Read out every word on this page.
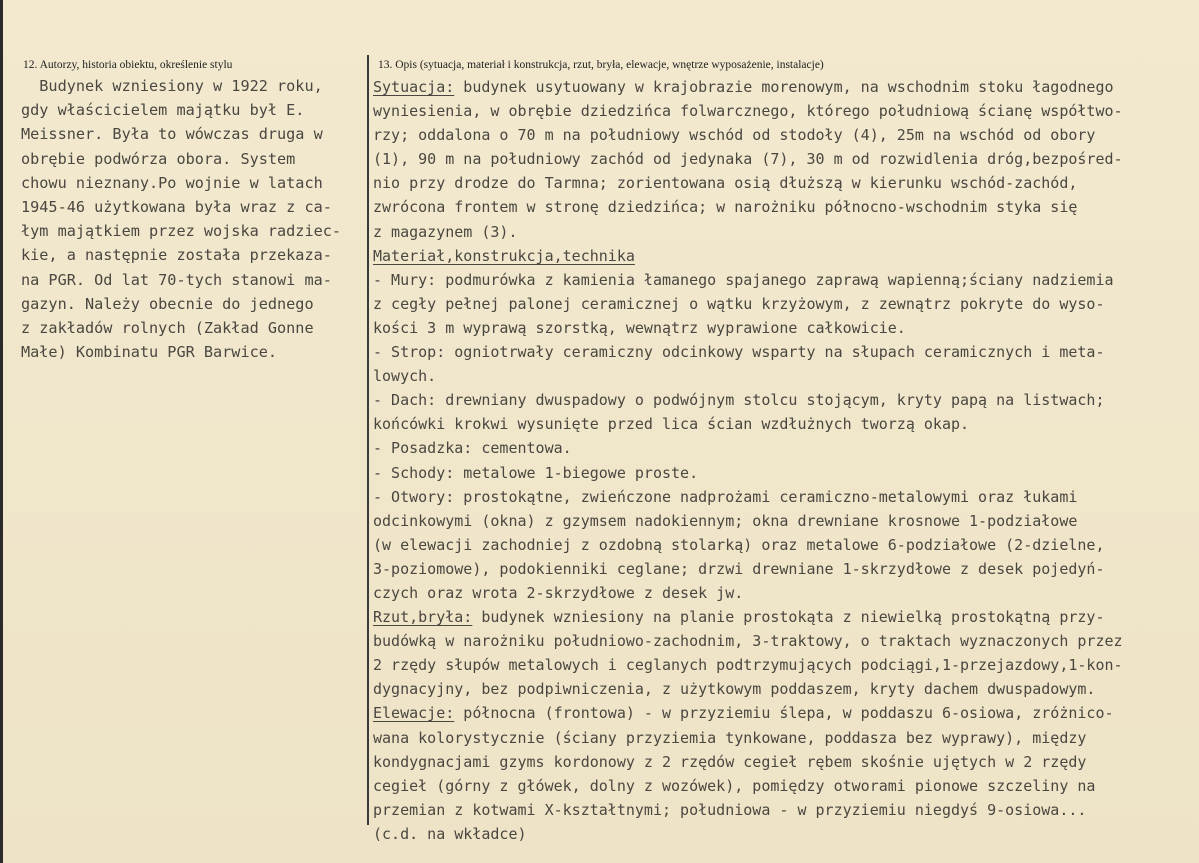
12. Autorzy, historia obiektu, określenie stylu	13. Opis (sytuacja, materiał i konstrukcja, rzut, bryła, elewacje, wnętrze wyposażenie, instalacje)
Budynek wzniesiony w 1922 roku,
gdy właścicielem majątku był E.
Meissner. Była to wówczas druga w
obrębie podwórza obora. System
chowu nieznany.Po wojnie w latach
1945-46 użytkowana była wraz z ca-
łym majątkiem przez wojska radziec-
kie, a następnie została przekaza-
na PGR. Od lat 70-tych stanowi ma-
gazyn. Należy obecnie do jednego
z zakładów rolnych (Zakład Gonne
Małe) Kombinatu PGR Barwice.
Sytuacja: budynek usytuowany w krajobrazie morenowym, na wschodnim stoku łagodnego
wyniesienia, w obrębie dziedzińca folwarcznego, którego południową ścianę współtwo-
rzy; oddalona o 70 m na południowy wschód od stodoły (4), 25m na wschód od obory
(1), 90 m na południowy zachód od jedynaka (7), 30 m od rozwidlenia dróg,bezpośred-
nio przy drodze do Tarmna; zorientowana osią dłuższą w kierunku wschód-zachód,
zwrócona frontem w stronę dziedzińca; w narożniku północno-wschodnim styka się
z magazynem (3).
Materiał,konstrukcja,technika
- Mury: podmurówka z kamienia łamanego spajanego zaprawą wapienną;ściany nadziemia
z cegły pełnej palonej ceramicznej o wątku krzyżowym, z zewnątrz pokryte do wyso-
kości 3 m wyprawą szorstką, wewnątrz wyprawione całkowicie.
- Strop: ogniotrwały ceramiczny odcinkowy wsparty na słupach ceramicznych i meta-
lowych.
- Dach: drewniany dwuspadowy o podwójnym stolcu stojącym, kryty papą na listwach;
końcówki krokwi wysunięte przed lica ścian wzdłużnych tworzą okap.
- Posadzka: cementowa.
- Schody: metalowe 1-biegowe proste.
- Otwory: prostokątne, zwieńczone nadprożami ceramiczno-metalowymi oraz łukami
odcinkowymi (okna) z gzymsem nadokiennym; okna drewniane krosnowe 1-podziałowe
(w elewacji zachodniej z ozdobną stolarką) oraz metalowe 6-podziałowe (2-dzielne,
3-poziomowe), podokienniki ceglane; drzwi drewniane 1-skrzydłowe z desek pojedyń-
czych oraz wrota 2-skrzydłowe z desek jw.
Rzut,bryła: budynek wzniesiony na planie prostokąta z niewielką prostokątną przy-
budówką w narożniku południowo-zachodnim, 3-traktowy, o traktach wyznaczonych przez
2 rzędy słupów metalowych i ceglanych podtrzymujących podciągi,1-przejazdowy,1-kon-
dygnacyjny, bez podpiwniczenia, z użytkowym poddaszem, kryty dachem dwuspadowym.
Elewacje: północna (frontowa) - w przyziemiu ślepa, w poddaszu 6-osiowa, zróżnico-
wana kolorystycznie (ściany przyziemia tynkowane, poddasza bez wyprawy), między
kondygnacjami gzyms kordonowy z 2 rzędów cegieł rębem skośnie ujętych w 2 rzędy
cegieł (górny z główek, dolny z wozówek), pomiędzy otworami pionowe szczeliny na
przemian z kotwami X-kształtnymi; południowa - w przyziemiu niegdyś 9-osiowa...
(c.d. na wkładce)
